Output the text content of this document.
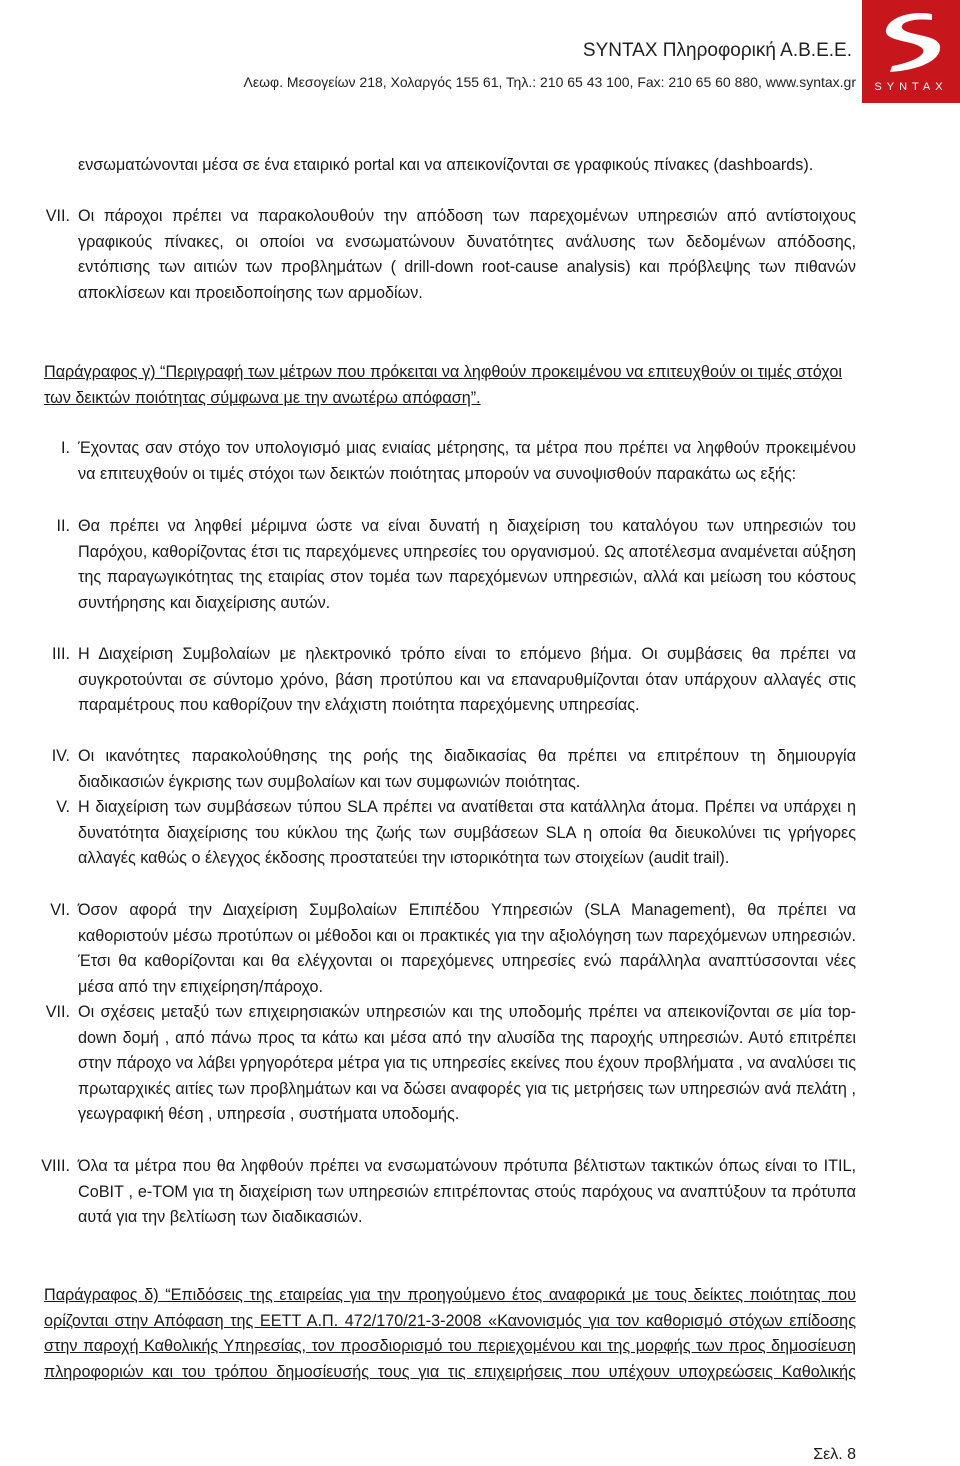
SYNTAX Πληροφορική Α.Β.Ε.Ε.
Λεωφ. Μεσογείων 218, Χολαργός 155 61, Τηλ.: 210 65 43 100, Fax: 210 65 60 880, www.syntax.gr	SYNTAX
ενσωματώνονται μέσα σε ένα εταιρικό portal και να απεικονίζονται σε γραφικούς πίνακες (dashboards).
VII. Οι πάροχοι πρέπει να παρακολουθούν την απόδοση των παρεχομένων υπηρεσιών από αντίστοιχους γραφικούς πίνακες, οι οποίοι να ενσωματώνουν δυνατότητες ανάλυσης των δεδομένων απόδοσης, εντόπισης των αιτιών των προβλημάτων ( drill-down root-cause analysis) και πρόβλεψης των πιθανών αποκλίσεων και προειδοποίησης των αρμοδίων.
Παράγραφος γ) “Περιγραφή των μέτρων που πρόκειται να ληφθούν προκειμένου να επιτευχθούν οι τιμές στόχοι των δεικτών ποιότητας σύμφωνα με την ανωτέρω απόφαση”.
I. Έχοντας σαν στόχο τον υπολογισμό μιας ενιαίας μέτρησης, τα μέτρα που πρέπει να ληφθούν προκειμένου να επιτευχθούν οι τιμές στόχοι των δεικτών ποιότητας μπορούν να συνοψισθούν παρακάτω ως εξής:
II. Θα πρέπει να ληφθεί μέριμνα ώστε να είναι δυνατή η διαχείριση του καταλόγου των υπηρεσιών του Παρόχου, καθορίζοντας έτσι τις παρεχόμενες υπηρεσίες του οργανισμού. Ως αποτέλεσμα αναμένεται αύξηση της παραγωγικότητας της εταιρίας στον τομέα των παρεχόμενων υπηρεσιών, αλλά και μείωση του κόστους συντήρησης και διαχείρισης αυτών.
III. Η Διαχείριση Συμβολαίων με ηλεκτρονικό τρόπο είναι το επόμενο βήμα. Οι συμβάσεις θα πρέπει να συγκροτούνται σε σύντομο χρόνο, βάση προτύπου και να επαναρυθμίζονται όταν υπάρχουν αλλαγές στις παραμέτρους που καθορίζουν την ελάχιστη ποιότητα παρεχόμενης υπηρεσίας.
IV. Οι ικανότητες παρακολούθησης της ροής της διαδικασίας θα πρέπει να επιτρέπουν τη δημιουργία διαδικασιών έγκρισης των συμβολαίων και των συμφωνιών ποιότητας.
V. Η διαχείριση των συμβάσεων τύπου SLA πρέπει να ανατίθεται στα κατάλληλα άτομα. Πρέπει να υπάρχει η δυνατότητα διαχείρισης του κύκλου της ζωής των συμβάσεων SLA η οποία θα διευκολύνει τις γρήγορες αλλαγές καθώς ο έλεγχος έκδοσης προστατεύει την ιστορικότητα των στοιχείων (audit trail).
VI. Όσον αφορά την Διαχείριση Συμβολαίων Επιπέδου Υπηρεσιών (SLA Management), θα πρέπει να καθοριστούν μέσω προτύπων οι μέθοδοι και οι πρακτικές για την αξιολόγηση των παρεχόμενων υπηρεσιών. Έτσι θα καθορίζονται και θα ελέγχονται οι παρεχόμενες υπηρεσίες ενώ παράλληλα αναπτύσσονται νέες μέσα από την επιχείρηση/πάροχο.
VII. Οι σχέσεις μεταξύ των επιχειρησιακών υπηρεσιών και της υποδομής πρέπει να απεικονίζονται σε μία top-down δομή , από πάνω προς τα κάτω και μέσα από την αλυσίδα της παροχής υπηρεσιών. Αυτό επιτρέπει στην πάροχο να λάβει γρηγορότερα μέτρα για τις υπηρεσίες εκείνες που έχουν προβλήματα , να αναλύσει τις πρωταρχικές αιτίες των προβλημάτων και να δώσει αναφορές για τις μετρήσεις των υπηρεσιών ανά πελάτη , γεωγραφική θέση , υπηρεσία , συστήματα υποδομής.
VIII. Όλα τα μέτρα που θα ληφθούν πρέπει να ενσωματώνουν πρότυπα βέλτιστων τακτικών όπως είναι το ITIL, CoBIT , e-TOM για τη διαχείριση των υπηρεσιών επιτρέποντας στούς παρόχους να αναπτύξουν τα πρότυπα αυτά για την βελτίωση των διαδικασιών.
Παράγραφος δ) “Επιδόσεις της εταιρείας για την προηγούμενο έτος αναφορικά με τους δείκτες ποιότητας που ορίζονται στην Απόφαση της ΕΕΤΤ Α.Π. 472/170/21-3-2008 «Κανονισμός για τον καθορισμό στόχων επίδοσης στην παροχή Καθολικής Υπηρεσίας, τον προσδιορισμό του περιεχομένου και της μορφής των προς δημοσίευση πληροφοριών και του τρόπου δημοσίευσής τους για τις επιχειρήσεις που υπέχουν υποχρεώσεις Καθολικής
Σελ. 8
